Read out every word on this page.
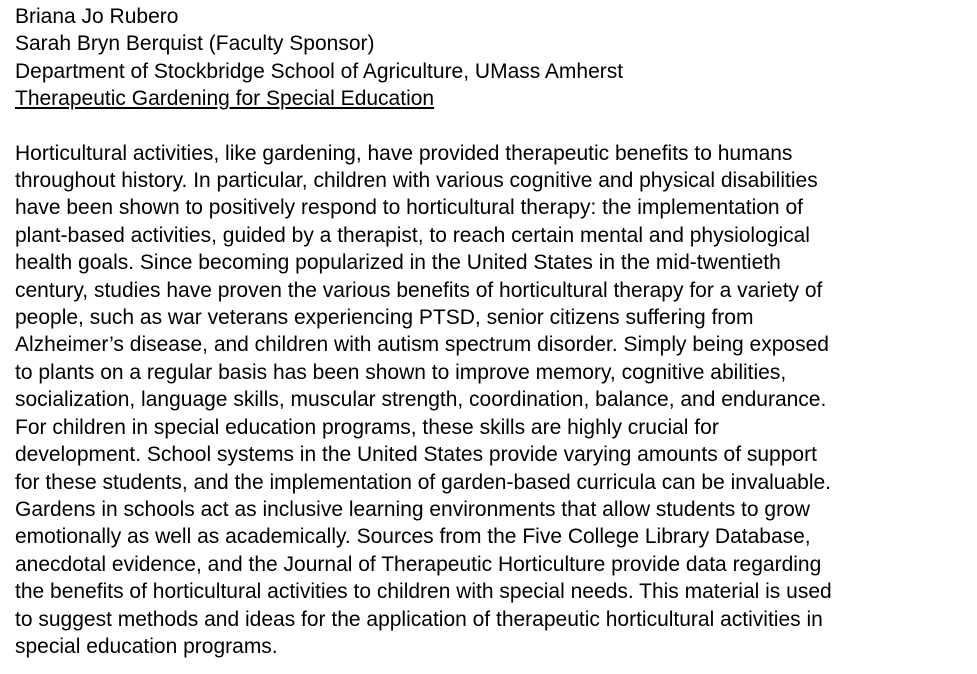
Briana Jo Rubero
Sarah Bryn Berquist (Faculty Sponsor)
Department of Stockbridge School of Agriculture, UMass Amherst
Therapeutic Gardening for Special Education
Horticultural activities, like gardening, have provided therapeutic benefits to humans
throughout history. In particular, children with various cognitive and physical disabilities
have been shown to positively respond to horticultural therapy: the implementation of
plant-based activities, guided by a therapist, to reach certain mental and physiological
health goals. Since becoming popularized in the United States in the mid-twentieth
century, studies have proven the various benefits of horticultural therapy for a variety of
people, such as war veterans experiencing PTSD, senior citizens suffering from
Alzheimer’s disease, and children with autism spectrum disorder. Simply being exposed
to plants on a regular basis has been shown to improve memory, cognitive abilities,
socialization, language skills, muscular strength, coordination, balance, and endurance.
For children in special education programs, these skills are highly crucial for
development. School systems in the United States provide varying amounts of support
for these students, and the implementation of garden-based curricula can be invaluable.
Gardens in schools act as inclusive learning environments that allow students to grow
emotionally as well as academically. Sources from the Five College Library Database,
anecdotal evidence, and the Journal of Therapeutic Horticulture provide data regarding
the benefits of horticultural activities to children with special needs. This material is used
to suggest methods and ideas for the application of therapeutic horticultural activities in
special education programs.
